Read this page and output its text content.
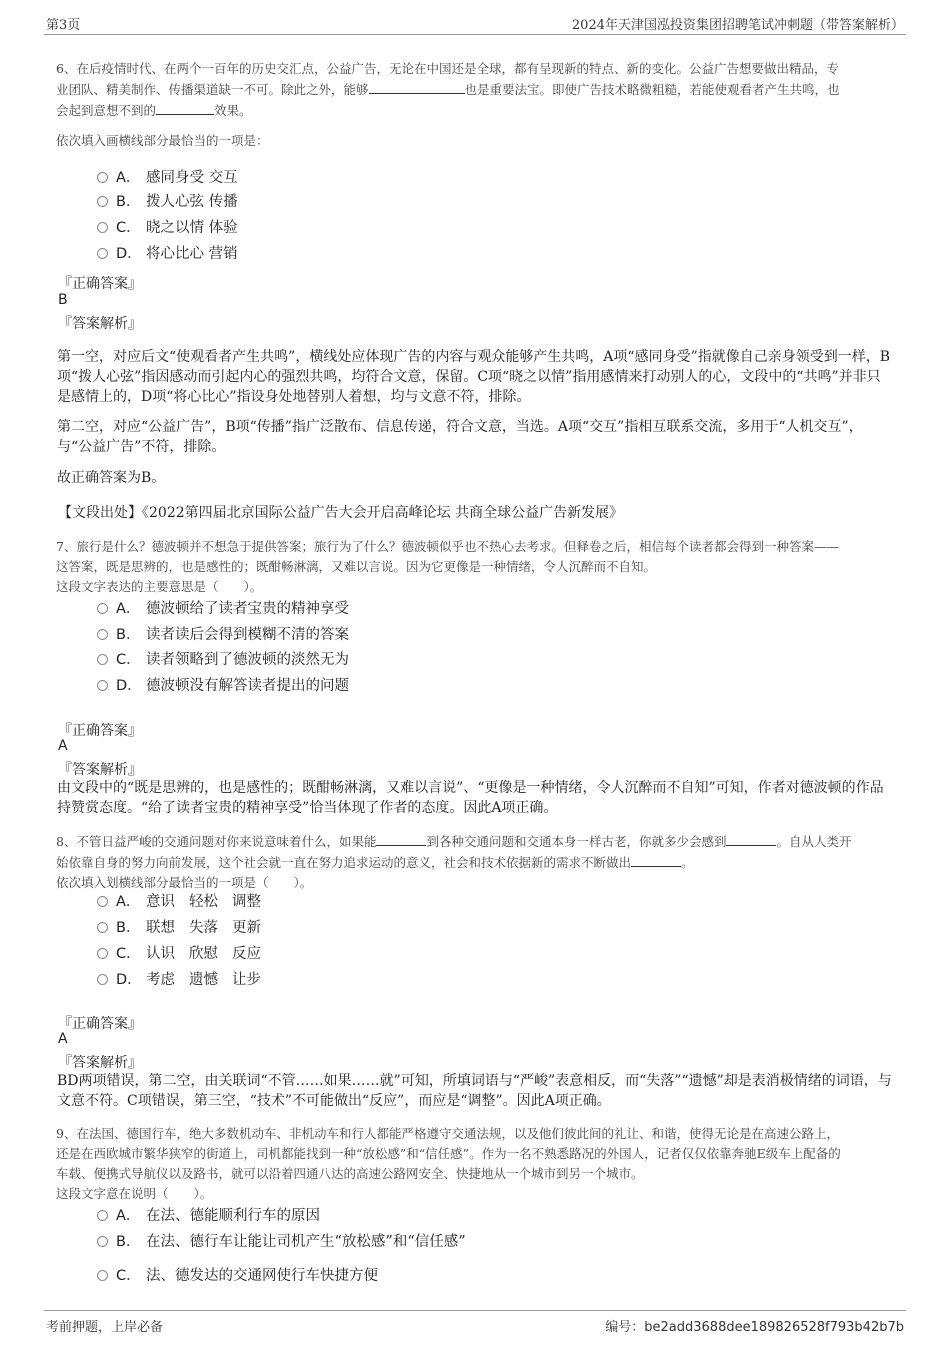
第3页	2024年天津国泓投资集团招聘笔试冲刺题（带答案解析）
6、在后疫情时代、在两个一百年的历史交汇点，公益广告，无论在中国还是全球，都有呈现新的特点、新的变化。公益广告想要做出精品，专
业团队、精美制作、传播渠道缺一不可。除此之外，能够	也是重要法宝。即使广告技术略微粗糙，若能使观看者产生共鸣，也
会起到意想不到的	效果。
依次填入画横线部分最恰当的一项是：
A． 感同身受 交互
B． 拨人心弦 传播
C． 晓之以情 体验
D． 将心比心 营销
『正确答案』
B
『答案解析』
第一空，对应后文“使观看者产生共鸣”，横线处应体现广告的内容与观众能够产生共鸣，A项“感同身受”指就像自己亲身领受到一样，B项“拨人心弦”指因感动而引起内心的强烈共鸣，均符合文意，保留。C项“晓之以情”指用感情来打动别人的心，文段中的“共鸣”并非只是感情上的，D项“将心比心”指设身处地替别人着想，均与文意不符，排除。
第二空，对应“公益广告”，B项“传播”指广泛散布、信息传递，符合文意，当选。A项“交互”指相互联系交流，多用于“人机交互”，与“公益广告”不符，排除。
故正确答案为B。
【文段出处】《2022第四届北京国际公益广告大会开启高峰论坛 共商全球公益广告新发展》
7、旅行是什么？德波顿并不想急于提供答案；旅行为了什么？德波顿似乎也不热心去考求。但释卷之后，相信每个读者都会得到一种答案——
这答案，既是思辨的，也是感性的；既酣畅淋漓，又难以言说。因为它更像是一种情绪，令人沉醉而不自知。
这段文字表达的主要意思是（　　）。
A． 德波顿给了读者宝贵的精神享受
B． 读者读后会得到模糊不清的答案
C． 读者领略到了德波顿的淡然无为
D． 德波顿没有解答读者提出的问题
『正确答案』
A
『答案解析』
由文段中的“既是思辨的，也是感性的；既酣畅淋漓，又难以言说”、“更像是一种情绪，令人沉醉而不自知”可知，作者对德波顿的作品持赞赏态度。“给了读者宝贵的精神享受”恰当体现了作者的态度。因此A项正确。
8、不管日益严峻的交通问题对你来说意味着什么，如果能	到各种交通问题和交通本身一样古老，你就多少会感到	。自从人类开
始依靠自身的努力向前发展，这个社会就一直在努力追求运动的意义，社会和技术依据新的需求不断做出	。
依次填入划横线部分最恰当的一项是（　　）。
A． 意识 轻松 调整
B． 联想 失落 更新
C． 认识 欣慰 反应
D． 考虑 遗憾 让步
『正确答案』
A
『答案解析』
BD两项错误，第二空，由关联词“不管……如果……就”可知，所填词语与“严峻”表意相反，而“失落”“遗憾”却是表消极情绪的词语，与文意不符。C项错误，第三空，“技术”不可能做出“反应”，而应是“调整”。因此A项正确。
9、在法国、德国行车，绝大多数机动车、非机动车和行人都能严格遵守交通法规，以及他们彼此间的礼让、和谐，使得无论是在高速公路上，
还是在西欧城市繁华狭窄的街道上，司机都能找到一种“放松感”和“信任感”。作为一名不熟悉路况的外国人，记者仅仅依靠奔驰E级车上配备的
车载、便携式导航仪以及路书，就可以沿着四通八达的高速公路网安全、快捷地从一个城市到另一个城市。
这段文字意在说明（　　）。
A． 在法、德能顺利行车的原因
B． 在法、德行车让能让司机产生“放松感”和“信任感”
C． 法、德发达的交通网使行车快捷方便
考前押题，上岸必备	编号：be2add3688dee189826528f793b42b7b
